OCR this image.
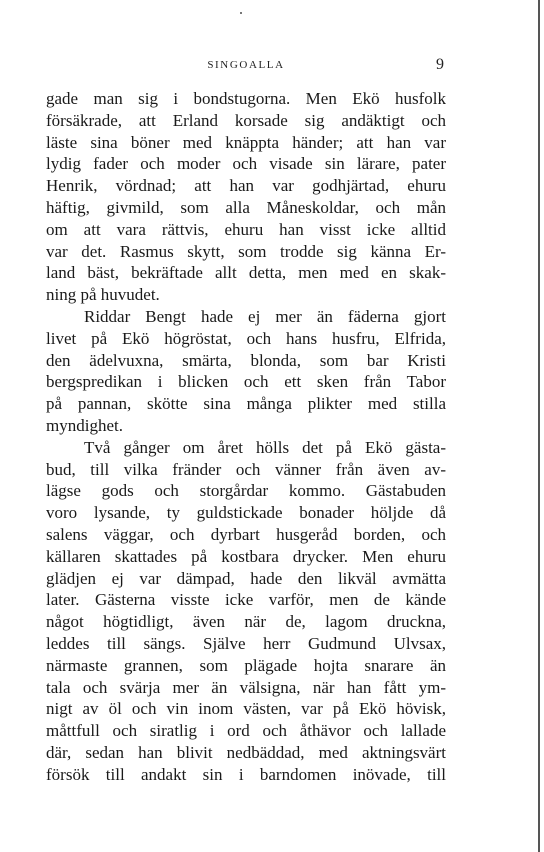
SINGOALLA	9
gade man sig i bondstugorna. Men Ekö husfolk
försäkrade, att Erland korsade sig andäktigt och
läste sina böner med knäppta händer; att han var
lydig fader och moder och visade sin lärare, pater
Henrik, vördnad; att han var godhjärtad, ehuru
häftig, givmild, som alla Måneskoldar, och mån
om att vara rättvis, ehuru han visst icke alltid
var det. Rasmus skytt, som trodde sig känna Er-
land bäst, bekräftade allt detta, men med en skak-
ning på huvudet.
Riddar Bengt hade ej mer än fäderna gjort
livet på Ekö högröstat, och hans husfru, Elfrida,
den ädelvuxna, smärta, blonda, som bar Kristi
bergspredikan i blicken och ett sken från Tabor
på pannan, skötte sina många plikter med stilla
myndighet.
Två gånger om året hölls det på Ekö gästa-
bud, till vilka fränder och vänner från även av-
lägse gods och storgårdar kommo. Gästabuden
voro lysande, ty guldstickade bonader höljde då
salens väggar, och dyrbart husgeråd borden, och
källaren skattades på kostbara drycker. Men ehuru
glädjen ej var dämpad, hade den likväl avmätta
later. Gästerna visste icke varför, men de kände
något högtidligt, även när de, lagom druckna,
leddes till sängs. Själve herr Gudmund Ulvsax,
närmaste grannen, som plägade hojta snarare än
tala och svärja mer än välsigna, när han fått ym-
nigt av öl och vin inom västen, var på Ekö hövisk,
måttfull och siratlig i ord och åthävor och lallade
där, sedan han blivit nedbäddad, med aktningsvärt
försök till andakt sin i barndomen inövade, till
